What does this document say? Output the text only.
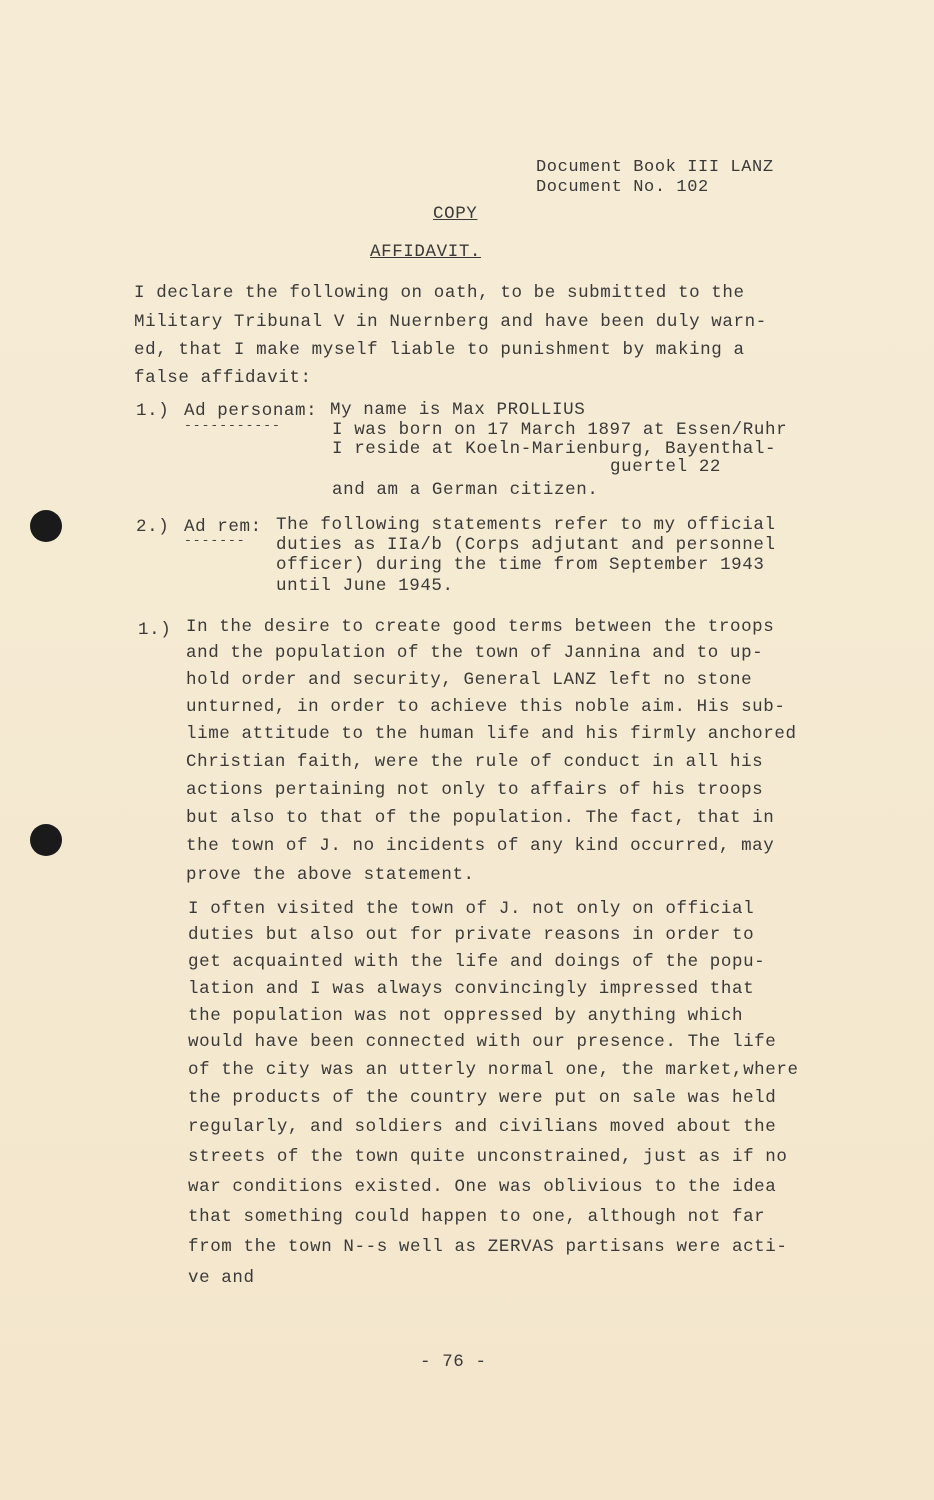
Document Book III LANZ
Document No. 102
COPY
AFFIDAVIT.
I declare the following on oath, to be submitted to the
Military Tribunal V in Nuernberg and have been duly warn-
ed, that I make myself liable to punishment by making a
false affidavit:
1.) Ad personam:
-----------
My name is Max PROLLIUS
I was born on 17 March 1897 at Essen/Ruhr
I reside at Koeln-Marienburg, Bayenthal-
guertel 22
and am a German citizen.
2.) Ad rem:
-------
The following statements refer to my official
duties as IIa/b (Corps adjutant and personnel
officer) during the time from September 1943
until June 1945.
1.) In the desire to create good terms between the troops
and the population of the town of Jannina and to up-
hold order and security, General LANZ left no stone
unturned, in order to achieve this noble aim. His sub-
lime attitude to the human life and his firmly anchored
Christian faith, were the rule of conduct in all his
actions pertaining not only to affairs of his troops
but also to that of the population. The fact, that in
the town of J. no incidents of any kind occurred, may
prove the above statement.
I often visited the town of J. not only on official
duties but also out for private reasons in order to
get acquainted with the life and doings of the popu-
lation and I was always convincingly impressed that
the population was not oppressed by anything which
would have been connected with our presence. The life
of the city was an utterly normal one, the market,where
the products of the country were put on sale was held
regularly, and soldiers and civilians moved about the
streets of the town quite unconstrained, just as if no
war conditions existed. One was oblivious to the idea
that something could happen to one, although not far
from the town N--s well as ZERVAS partisans were acti-
ve and
- 76 -
